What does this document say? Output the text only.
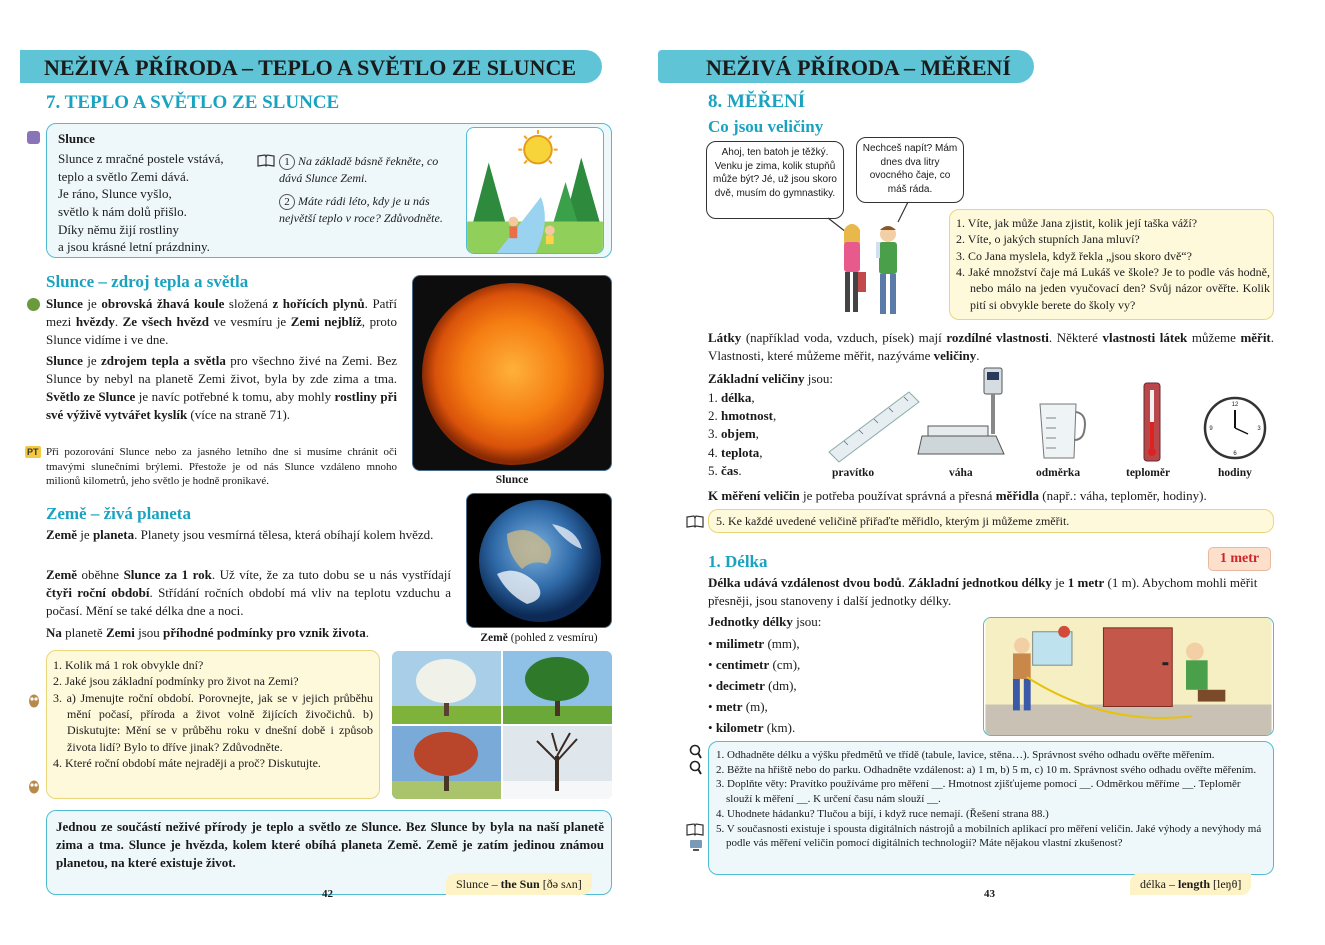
NEŽIVÁ PŘÍRODA – TEPLO A SVĚTLO ZE SLUNCE
7. TEPLO A SVĚTLO ZE SLUNCE
Slunce
Slunce z mračné postele vstává,
teplo a světlo Zemi dává.
Je ráno, Slunce vyšlo,
světlo k nám dolů přišlo.
Díky němu žijí rostliny
a jsou krásné letní prázdniny.
1 Na základě básně řekněte, co dává Slunce Zemi.
2 Máte rádi léto, kdy je u nás největší teplo v roce? Zdůvodněte.
Slunce – zdroj tepla a světla
Slunce je obrovská žhavá koule složená z hořících plynů. Patří mezi hvězdy. Ze všech hvězd ve vesmíru je Zemi nejblíž, proto Slunce vidíme i ve dne.
Slunce je zdrojem tepla a světla pro všechno živé na Zemi. Bez Slunce by nebyl na planetě Zemi život, byla by zde zima a tma. Světlo ze Slunce je navíc potřebné k tomu, aby mohly rostliny při své výživě vytvářet kyslík (více na straně 71).
PT Při pozorování Slunce nebo za jasného letního dne si musíme chránit oči tmavými slunečními brýlemi. Přestože je od nás Slunce vzdáleno mnoho milionů kilometrů, jeho světlo je hodně pronikavé.	Slunce
Země – živá planeta
Země je planeta. Planety jsou vesmírná tělesa, která obíhají kolem hvězd.
Země oběhne Slunce za 1 rok. Už víte, že za tuto dobu se u nás vystřídají čtyři roční období. Střídání ročních období má vliv na teplotu vzduchu a počasí. Mění se také délka dne a noci.
Na planetě Zemi jsou příhodné podmínky pro vznik života.	Země (pohled z vesmíru)
1. Kolik má 1 rok obvykle dní?
2. Jaké jsou základní podmínky pro život na Zemi?
3. a) Jmenujte roční období. Porovnejte, jak se v jejich průběhu mění počasí, příroda a život volně žijících živočichů. b) Diskutujte: Mění se v průběhu roku v dnešní době i způsob života lidí? Bylo to dříve jinak? Zdůvodněte.
4. Které roční období máte nejraději a proč? Diskutujte.
Jednou ze součástí neživé přírody je teplo a světlo ze Slunce. Bez Slunce by byla na naší planetě zima a tma. Slunce je hvězda, kolem které obíhá planeta Země. Země je zatím jedinou známou planetou, na které existuje život.
Slunce – the Sun [ðə sʌn]
42
NEŽIVÁ PŘÍRODA – MĚŘENÍ
8. MĚŘENÍ
Co jsou veličiny
Ahoj, ten batoh je těžký. Venku je zima, kolik stupňů může být? Jé, už jsou skoro dvě, musím do gymnastiky.
Nechceš napít? Mám dnes dva litry ovocného čaje, co máš ráda.
1. Víte, jak může Jana zjistit, kolik její taška váží?
2. Víte, o jakých stupních Jana mluví?
3. Co Jana myslela, když řekla „jsou skoro dvě“?
4. Jaké množství čaje má Lukáš ve škole? Je to podle vás hodně, nebo málo na jeden vyučovací den? Svůj názor ověřte. Kolik pití si obvykle berete do školy vy?
Látky (například voda, vzduch, písek) mají rozdílné vlastnosti. Některé vlastnosti látek můžeme měřit. Vlastnosti, které můžeme měřit, nazýváme veličiny.
Základní veličiny jsou:
1. délka,
2. hmotnost,
3. objem,
4. teplota,
5. čas.
12
3
6
9
pravítko	váha	odměrka	teploměr	hodiny
K měření veličin je potřeba používat správná a přesná měřidla (např.: váha, teploměr, hodiny).
5. Ke každé uvedené veličině přiřaďte měřidlo, kterým ji můžeme změřit.
1. Délka	1 metr
Délka udává vzdálenost dvou bodů. Základní jednotkou délky je 1 metr (1 m). Abychom mohli měřit přesněji, jsou stanoveny i další jednotky délky.
Jednotky délky jsou:
• milimetr (mm),
• centimetr (cm),
• decimetr (dm),
• metr (m),
• kilometr (km).
1. Odhadněte délku a výšku předmětů ve třídě (tabule, lavice, stěna…). Správnost svého odhadu ověřte měřením.
2. Běžte na hřiště nebo do parku. Odhadněte vzdálenost: a) 1 m, b) 5 m, c) 10 m. Správnost svého odhadu ověřte měřením.
3. Doplňte věty: Pravítko používáme pro měření __. Hmotnost zjišťujeme pomocí __. Odměrkou měříme __. Teploměr slouží k měření __. K určení času nám slouží __.
4. Uhodnete hádanku? Tlučou a bijí, i když ruce nemají. (Řešení strana 88.)
5. V současnosti existuje i spousta digitálních nástrojů a mobilních aplikací pro měření veličin. Jaké výhody a nevýhody má podle vás měření veličin pomocí digitálních technologií? Máte nějakou vlastní zkušenost?
délka – length [leŋθ]
43
